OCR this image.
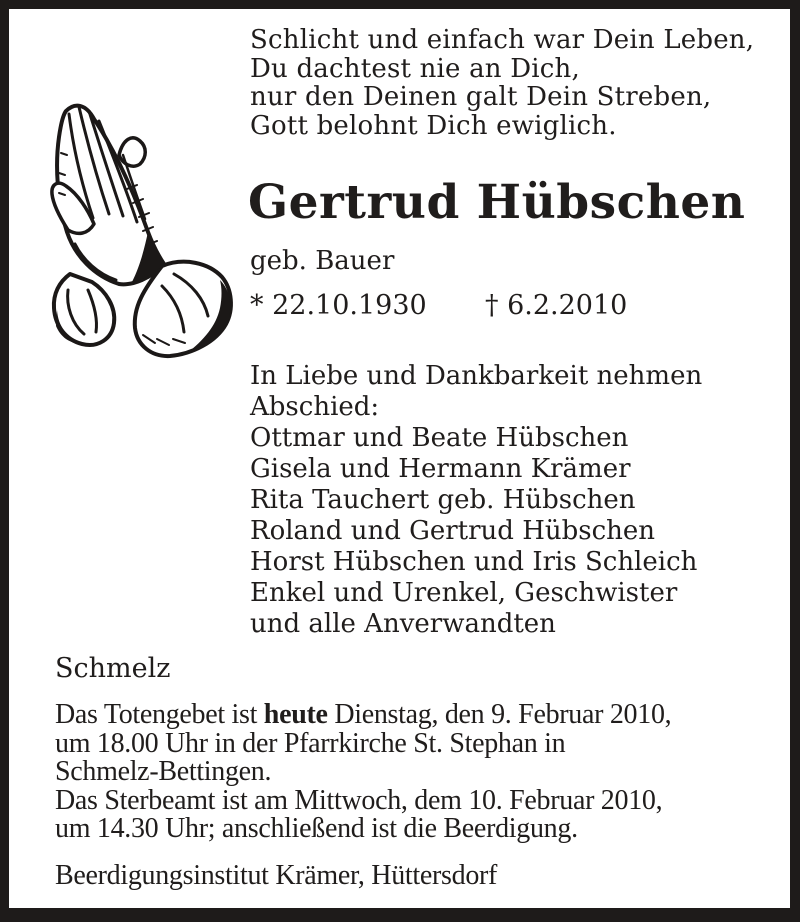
Schlicht und einfach war Dein Leben,
Du dachtest nie an Dich,
nur den Deinen galt Dein Streben,
Gott belohnt Dich ewiglich.
Gertrud Hübschen
geb. Bauer
* 22.10.1930 † 6.2.2010
In Liebe und Dankbarkeit nehmen
Abschied:
Ottmar und Beate Hübschen
Gisela und Hermann Krämer
Rita Tauchert geb. Hübschen
Roland und Gertrud Hübschen
Horst Hübschen und Iris Schleich
Enkel und Urenkel, Geschwister
und alle Anverwandten
Schmelz
Das Totengebet ist heute Dienstag, den 9. Februar 2010,
um 18.00 Uhr in der Pfarrkirche St. Stephan in
Schmelz-Bettingen.
Das Sterbeamt ist am Mittwoch, dem 10. Februar 2010,
um 14.30 Uhr; anschließend ist die Beerdigung.
Beerdigungsinstitut Krämer, Hüttersdorf
